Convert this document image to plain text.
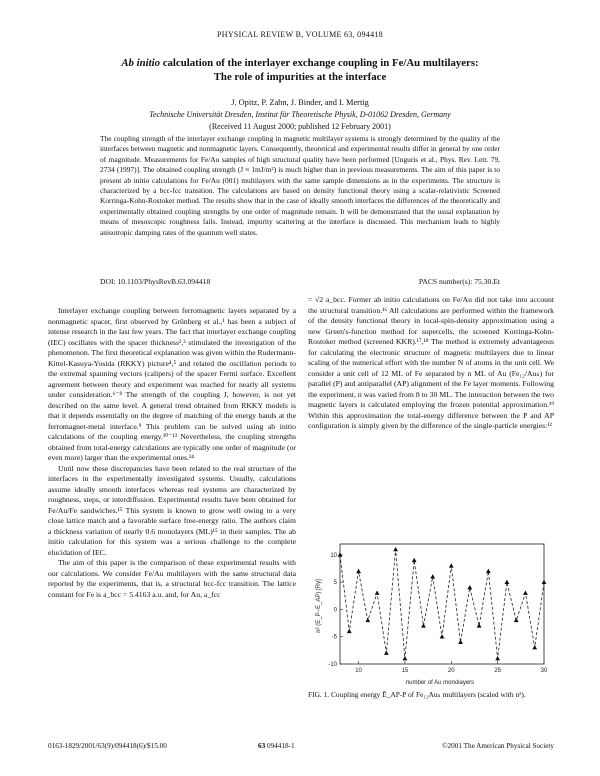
PHYSICAL REVIEW B, VOLUME 63, 094418
Ab initio calculation of the interlayer exchange coupling in Fe/Au multilayers:
The role of impurities at the interface
J. Opitz, P. Zahn, J. Binder, and I. Mertig
Technische Universität Dresden, Institut für Theoretische Physik, D-01062 Dresden, Germany
(Received 11 August 2000; published 12 February 2001)
The coupling strength of the interlayer exchange coupling in magnetic multilayer systems is strongly determined by the quality of the interfaces between magnetic and nonmagnetic layers. Consequently, theoretical and experimental results differ in general by one order of magnitude. Measurements for Fe/Au samples of high structural quality have been performed [Unguris et al., Phys. Rev. Lett. 79, 2734 (1997)]. The obtained coupling strength (J ≈ 1mJ/m²) is much higher than in previous measurements. The aim of this paper is to present ab initio calculations for Fe/Au (001) multilayers with the same sample dimensions as in the experiments. The structure is characterized by a bcc-fcc transition. The calculations are based on density functional theory using a scalar-relativistic Screened Korringa-Kohn-Rostoker method. The results show that in the case of ideally smooth interfaces the differences of the theoretically and experimentally obtained coupling strengths by one order of magnitude remain. It will be demonstrated that the usual explanation by means of mesoscopic roughness fails. Instead, impurity scattering at the interface is discussed. This mechanism leads to highly anisotropic damping rates of the quantum well states.
DOI: 10.1103/PhysRevB.63.094418	PACS number(s): 75.30.Et

Interlayer exchange coupling between ferromagnetic layers separated by a nonmagnetic spacer, first observed by Grünberg et al.,¹ has been a subject of intense research in the last few years. The fact that interlayer exchange coupling (IEC) oscillates with the spacer thickness²,³ stimulated the investigation of the phenomenon. The first theoretical explanation was given within the Rudermann-Kittel-Kasuya-Yosida (RKKY) picture⁴,⁵ and related the oscillation periods to the extremal spanning vectors (calipers) of the spacer Fermi surface. Excellent agreement between theory and experiment was reached for nearly all systems under consideration.⁶⁻⁸ The strength of the coupling J, however, is not yet described on the same level. A general trend obtained from RKKY models is that it depends essentially on the degree of matching of the energy bands at the ferromagnet-metal interface.⁹ This problem can be solved using ab initio calculations of the coupling energy.¹⁰⁻¹³ Nevertheless, the coupling strengths obtained from total-energy calculations are typically one order of magnitude (or even more) larger than the experimental ones.¹⁴

Until now these discrepancies have been related to the real structure of the interfaces in the experimentally investigated systems. Usually, calculations assume ideally smooth interfaces whereas real systems are characterized by roughness, steps, or interdiffusion. Experimental results have been obtained for Fe/Au/Fe sandwiches.¹⁵ This system is known to grow well owing to a very close lattice match and a favorable surface free-energy ratio. The authors claim a thickness variation of nearly 0.6 monolayers (ML)¹⁵ in their samples. The ab initio calculation for this system was a serious challenge to the complete elucidation of IEC.

The aim of this paper is the comparison of these experimental results with our calculations. We consider Fe/Au multilayers with the same structural data reported by the experiments, that is, a structural bcc-fcc transition. The lattice constant for Fe is a_bcc = 5.4163 a.u. and, for Au, a_fcc

= √2 a_bcc. Former ab initio calculations on Fe/Au did not take into account the structural transition.¹⁶ All calculations are performed within the framework of the density functional theory in local-spin-density approximation using a new Green's-function method for supercells, the screened Korringa-Kohn-Rostoker method (screened KKR).¹⁷,¹⁸ The method is extremely advantageous for calculating the electronic structure of magnetic multilayers due to linear scaling of the numerical effort with the number N of atoms in the unit cell. We consider a unit cell of 12 ML of Fe separated by n ML of Au (Fe₁₂/Auₙ) for parallel (P) and antiparallel (AP) alignment of the Fe layer moments. Following the experiment, n was varied from 8 to 30 ML. The interaction between the two magnetic layers is calculated employing the frozen potential approximation.¹⁹ Within this approximation the total-energy difference between the P and AP configuration is simply given by the difference of the single-particle energies:¹²

10
5
0
-5
-10
10	15	20	25	30
n² (E_P−E_AP) [Ry]
number of Au monolayers
FIG. 1. Coupling energy Ẽ_AP-P of Fe₁₂Auₙ multilayers (scaled with n²).
0163-1829/2001/63(9)/094418(6)/$15.00	63 094418-1	©2001 The American Physical Society
